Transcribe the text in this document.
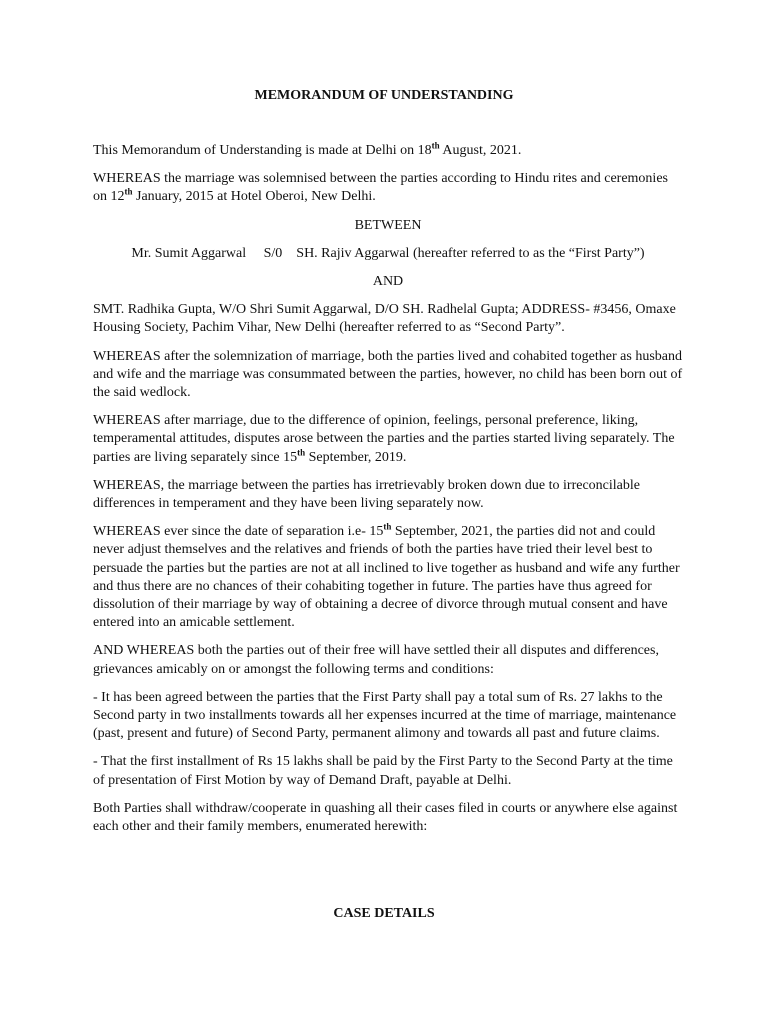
MEMORANDUM OF UNDERSTANDING

This Memorandum of Understanding is made at Delhi on 18th August, 2021.

WHEREAS the marriage was solemnised between the parties according to Hindu rites and ceremonies on 12th January, 2015 at Hotel Oberoi, New Delhi.

BETWEEN

Mr. Sumit Aggarwal     S/0    SH. Rajiv Aggarwal (hereafter referred to as the “First Party”)

AND

SMT. Radhika Gupta, W/O Shri Sumit Aggarwal, D/O SH. Radhelal Gupta; ADDRESS- #3456, Omaxe Housing Society, Pachim Vihar, New Delhi (hereafter referred to as “Second Party”.

WHEREAS after the solemnization of marriage, both the parties lived and cohabited together as husband and wife and the marriage was consummated between the parties, however, no child has been born out of the said wedlock.

WHEREAS after marriage, due to the difference of opinion, feelings, personal preference, liking, temperamental attitudes, disputes arose between the parties and the parties started living separately. The parties are living separately since 15th September, 2019.

WHEREAS, the marriage between the parties has irretrievably broken down due to irreconcilable differences in temperament and they have been living separately now.

WHEREAS ever since the date of separation i.e- 15th September, 2021, the parties did not and could never adjust themselves and the relatives and friends of both the parties have tried their level best to persuade the parties but the parties are not at all inclined to live together as husband and wife any further and thus there are no chances of their cohabiting together in future. The parties have thus agreed for dissolution of their marriage by way of obtaining a decree of divorce through mutual consent and have entered into an amicable settlement.

AND WHEREAS both the parties out of their free will have settled their all disputes and differences, grievances amicably on or amongst the following terms and conditions:

- It has been agreed between the parties that the First Party shall pay a total sum of Rs. 27 lakhs to the Second party in two installments towards all her expenses incurred at the time of marriage, maintenance (past, present and future) of Second Party, permanent alimony and towards all past and future claims.

- That the first installment of Rs 15 lakhs shall be paid by the First Party to the Second Party at the time of presentation of First Motion by way of Demand Draft, payable at Delhi.

Both Parties shall withdraw/cooperate in quashing all their cases filed in courts or anywhere else against each other and their family members, enumerated herewith:

CASE DETAILS
